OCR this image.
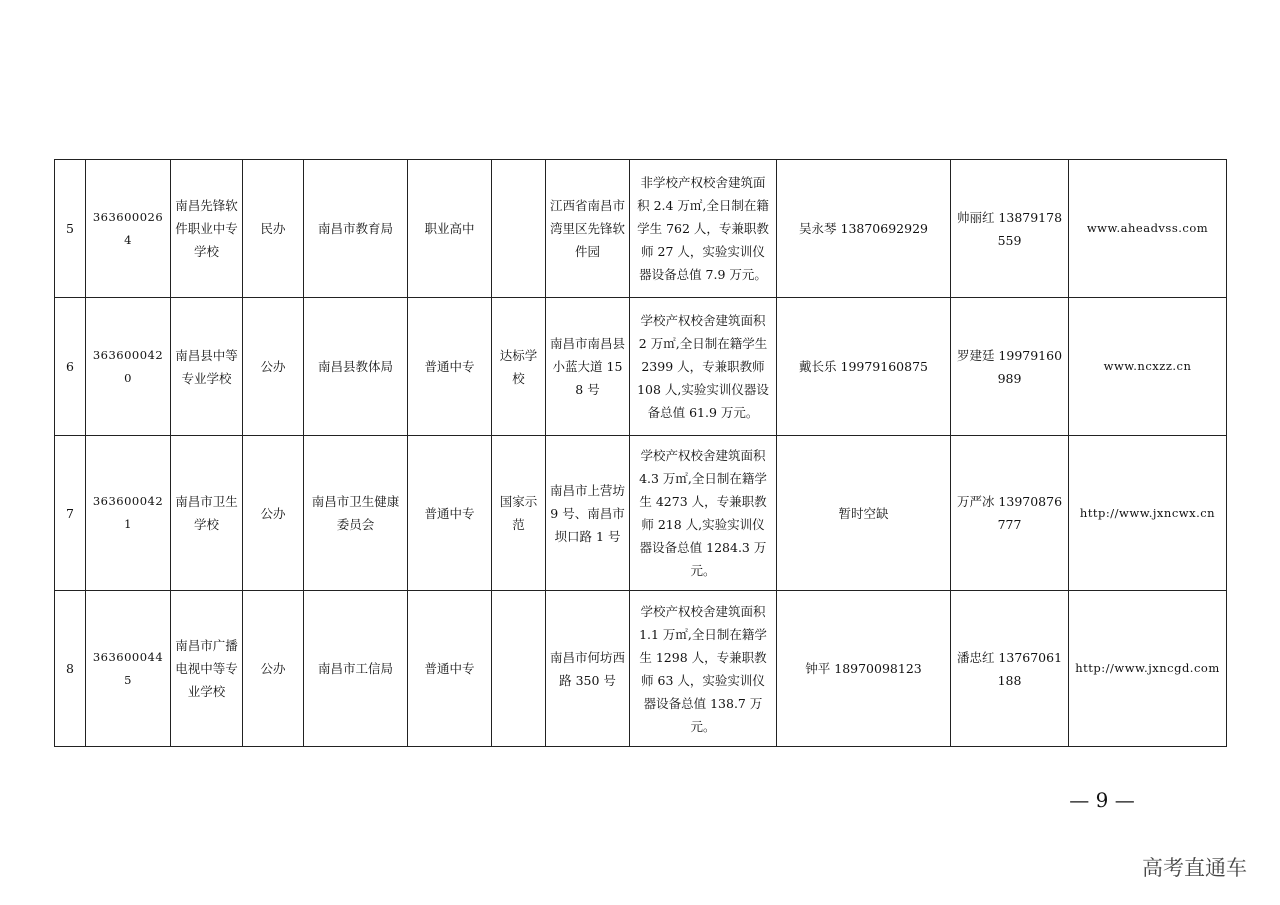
5	3636000264	南昌先锋软件职业中专学校	民办	南昌市教育局	职业高中		江西省南昌市湾里区先锋软件园	非学校产权校舍建筑面积 2.4 万㎡,全日制在籍学生 762 人，专兼职教师 27 人，实验实训仪器设备总值 7.9 万元。	吴永琴 13870692929	帅丽红 13879178559	www.aheadvss.com
6	3636000420	南昌县中等专业学校	公办	南昌县教体局	普通中专	达标学校	南昌市南昌县小蓝大道 158 号	学校产权校舍建筑面积 2 万㎡,全日制在籍学生 2399 人，专兼职教师 108 人,实验实训仪器设备总值 61.9 万元。	戴长乐 19979160875	罗建廷 19979160989	www.ncxzz.cn
7	3636000421	南昌市卫生学校	公办	南昌市卫生健康委员会	普通中专	国家示范	南昌市上营坊 9 号、南昌市坝口路 1 号	学校产权校舍建筑面积 4.3 万㎡,全日制在籍学生 4273 人，专兼职教师 218 人,实验实训仪器设备总值 1284.3 万元。	暂时空缺	万严冰 13970876777	http://www.jxncwx.cn
8	3636000445	南昌市广播电视中等专业学校	公办	南昌市工信局	普通中专		南昌市何坊西路 350 号	学校产权校舍建筑面积 1.1 万㎡,全日制在籍学生 1298 人，专兼职教师 63 人，实验实训仪器设备总值 138.7 万元。	钟平 18970098123	潘忠红 13767061188	http://www.jxncgd.com
— 9 —
高考直通车
